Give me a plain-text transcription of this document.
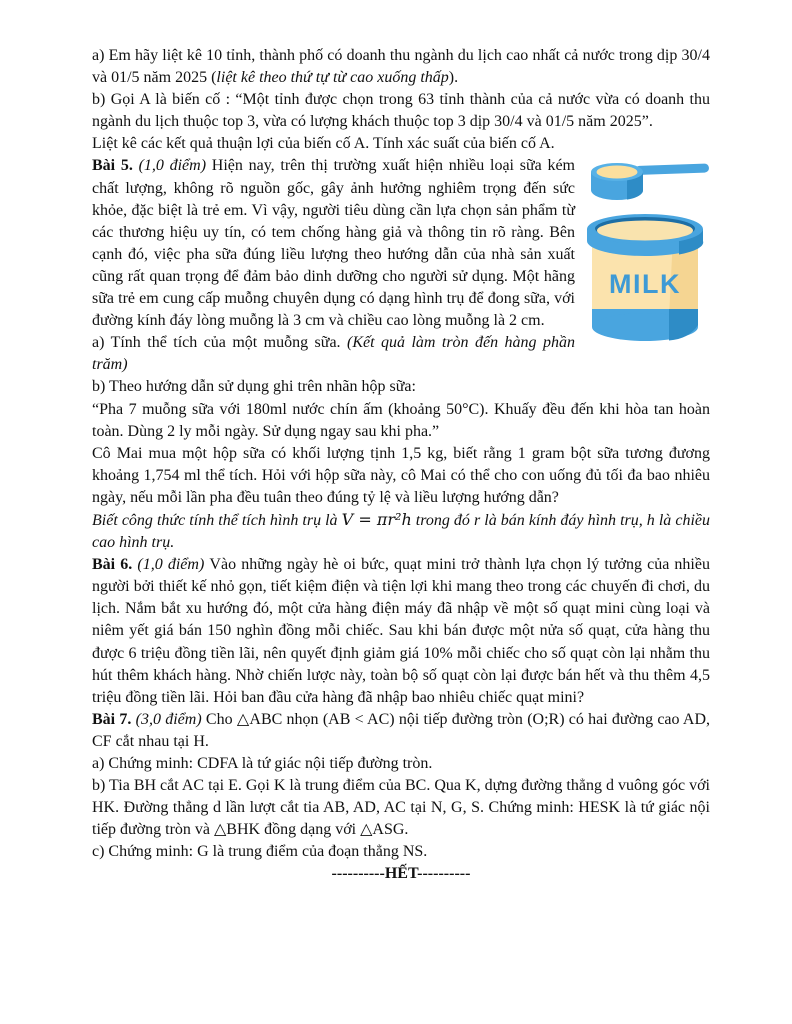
a) Em hãy liệt kê 10 tỉnh, thành phố có doanh thu ngành du lịch cao nhất cả nước trong dịp 30/4 và 01/5 năm 2025 (liệt kê theo thứ tự từ cao xuống thấp).

b) Gọi A là biến cố : “Một tỉnh được chọn trong 63 tỉnh thành của cả nước vừa có doanh thu ngành du lịch thuộc top 3, vừa có lượng khách thuộc top 3 dịp 30/4 và 01/5 năm 2025”.

Liệt kê các kết quả thuận lợi của biến cố A. Tính xác suất của biến cố A.

MILK

Bài 5. (1,0 điểm) Hiện nay, trên thị trường xuất hiện nhiều loại sữa kém chất lượng, không rõ nguồn gốc, gây ảnh hưởng nghiêm trọng đến sức khỏe, đặc biệt là trẻ em. Vì vậy, người tiêu dùng cần lựa chọn sản phẩm từ các thương hiệu uy tín, có tem chống hàng giả và thông tin rõ ràng. Bên cạnh đó, việc pha sữa đúng liều lượng theo hướng dẫn của nhà sản xuất cũng rất quan trọng để đảm bảo dinh dưỡng cho người sử dụng. Một hãng sữa trẻ em cung cấp muỗng chuyên dụng có dạng hình trụ để đong sữa, với đường kính đáy lòng muỗng là 3 cm và chiều cao lòng muỗng là 2 cm.

a) Tính thể tích của một muỗng sữa. (Kết quả làm tròn đến hàng phần trăm)

b) Theo hướng dẫn sử dụng ghi trên nhãn hộp sữa:

“Pha 7 muỗng sữa với 180ml nước chín ấm (khoảng 50°C). Khuấy đều đến khi hòa tan hoàn toàn. Dùng 2 ly mỗi ngày. Sử dụng ngay sau khi pha.”

Cô Mai mua một hộp sữa có khối lượng tịnh 1,5 kg, biết rằng 1 gram bột sữa tương đương khoảng 1,754 ml thể tích. Hỏi với hộp sữa này, cô Mai có thể cho con uống đủ tối đa bao nhiêu ngày, nếu mỗi lần pha đều tuân theo đúng tỷ lệ và liều lượng hướng dẫn?

Biết công thức tính thể tích hình trụ là V = πr²h trong đó r là bán kính đáy hình trụ, h là chiều cao hình trụ.

Bài 6. (1,0 điểm) Vào những ngày hè oi bức, quạt mini trở thành lựa chọn lý tưởng của nhiều người bởi thiết kế nhỏ gọn, tiết kiệm điện và tiện lợi khi mang theo trong các chuyến đi chơi, du lịch. Nắm bắt xu hướng đó, một cửa hàng điện máy đã nhập về một số quạt mini cùng loại và niêm yết giá bán 150 nghìn đồng mỗi chiếc. Sau khi bán được một nửa số quạt, cửa hàng thu được 6 triệu đồng tiền lãi, nên quyết định giảm giá 10% mỗi chiếc cho số quạt còn lại nhằm thu hút thêm khách hàng. Nhờ chiến lược này, toàn bộ số quạt còn lại được bán hết và thu thêm 4,5 triệu đồng tiền lãi. Hỏi ban đầu cửa hàng đã nhập bao nhiêu chiếc quạt mini?

Bài 7. (3,0 điểm) Cho △ABC nhọn (AB < AC) nội tiếp đường tròn (O;R) có hai đường cao AD, CF cắt nhau tại H.

a) Chứng minh: CDFA là tứ giác nội tiếp đường tròn.

b) Tia BH cắt AC tại E. Gọi K là trung điểm của BC. Qua K, dựng đường thẳng d vuông góc với HK. Đường thẳng d lần lượt cắt tia AB, AD, AC tại N, G, S. Chứng minh: HESK là tứ giác nội tiếp đường tròn và △BHK đồng dạng với △ASG.

c) Chứng minh: G là trung điểm của đoạn thẳng NS.

----------HẾT----------
